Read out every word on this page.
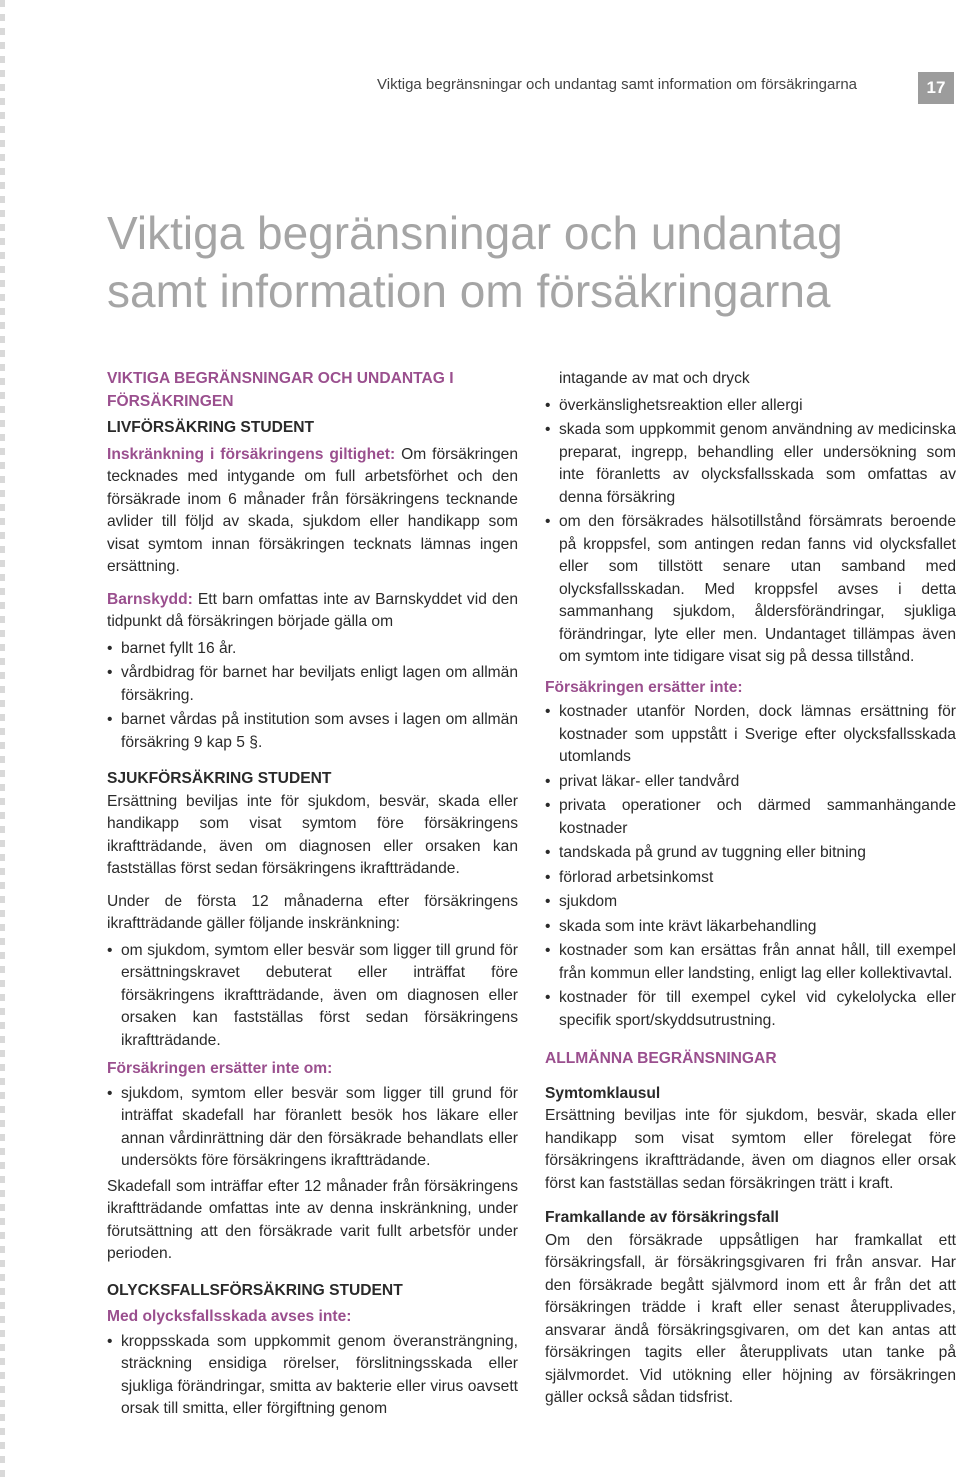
Viktiga begränsningar och undantag samt information om försäkringarna	17
Viktiga begränsningar och undantag samt information om försäkringarna
VIKTIGA BEGRÄNSNINGAR OCH UNDANTAG I FÖRSÄKRINGEN
LIVFÖRSÄKRING STUDENT

Inskränkning i försäkringens giltighet: Om försäkringen tecknades med intygande om full arbetsförhet och den försäkrade inom 6 månader från försäkringens tecknande avlider till följd av skada, sjukdom eller handikapp som visat symtom innan försäkringen tecknats lämnas ingen ersättning.

Barnskydd: Ett barn omfattas inte av Barnskyddet vid den tidpunkt då försäkringen började gälla om

• barnet fyllt 16 år.
• vårdbidrag för barnet har beviljats enligt lagen om allmän försäkring.
• barnet vårdas på institution som avses i lagen om allmän försäkring 9 kap 5 §.
SJUKFÖRSÄKRING STUDENT

Ersättning beviljas inte för sjukdom, besvär, skada eller handikapp som visat symtom före försäkringens ikraftträdande, även om diagnosen eller orsaken kan fastställas först sedan försäkringens ikraftträdande.

Under de första 12 månaderna efter försäkringens ikraftträdande gäller följande inskränkning:

• om sjukdom, symtom eller besvär som ligger till grund för ersättningskravet debuterat eller inträffat före försäkringens ikraftträdande, även om diagnosen eller orsaken kan fastställas först sedan försäkringens ikraftträdande.
Försäkringen ersätter inte om:
• sjukdom, symtom eller besvär som ligger till grund för inträffat skadefall har föranlett besök hos läkare eller annan vårdinrättning där den försäkrade behandlats eller undersökts före försäkringens ikraftträdande.

Skadefall som inträffar efter 12 månader från försäkringens ikraftträdande omfattas inte av denna inskränkning, under förutsättning att den försäkrade varit fullt arbetsför under perioden.

OLYCKSFALLSFÖRSÄKRING STUDENT
Med olycksfallsskada avses inte:
• kroppsskada som uppkommit genom överansträngning, sträckning ensidiga rörelser, förslitningsskada eller sjukliga förändringar, smitta av bakterie eller virus oavsett orsak till smitta, eller förgiftning genom

intagande av mat och dryck

• överkänslighetsreaktion eller allergi
• skada som uppkommit genom användning av medicinska preparat, ingrepp, behandling eller undersökning som inte föranletts av olycksfallsskada som omfattas av denna försäkring
• om den försäkrades hälsotillstånd försämrats beroende på kroppsfel, som antingen redan fanns vid olycksfallet eller som tillstött senare utan samband med olycksfallsskadan. Med kroppsfel avses i detta sammanhang sjukdom, åldersförändringar, sjukliga förändringar, lyte eller men. Undantaget tillämpas även om symtom inte tidigare visat sig på dessa tillstånd.
Försäkringen ersätter inte:
• kostnader utanför Norden, dock lämnas ersättning för kostnader som uppstått i Sverige efter olycksfallsskada utomlands
• privat läkar- eller tandvård
• privata operationer och därmed sammanhängande kostnader
• tandskada på grund av tuggning eller bitning
• förlorad arbetsinkomst
• sjukdom
• skada som inte krävt läkarbehandling
• kostnader som kan ersättas från annat håll, till exempel från kommun eller landsting, enligt lag eller kollektivavtal.
• kostnader för till exempel cykel vid cykelolycka eller specifik sport/skyddsutrustning.
ALLMÄNNA BEGRÄNSNINGAR
Symtomklausul

Ersättning beviljas inte för sjukdom, besvär, skada eller handikapp som visat symtom eller förelegat före försäkringens ikraftträdande, även om diagnos eller orsak först kan fastställas sedan försäkringen trätt i kraft.

Framkallande av försäkringsfall

Om den försäkrade uppsåtligen har framkallat ett försäkringsfall, är försäkringsgivaren fri från ansvar. Har den försäkrade begått självmord inom ett år från det att försäkringen trädde i kraft eller senast återupplivades, ansvarar ändå försäkringsgivaren, om det kan antas att försäkringen tagits eller återupplivats utan tanke på självmordet. Vid utökning eller höjning av försäkringen gäller också sådan tidsfrist.
